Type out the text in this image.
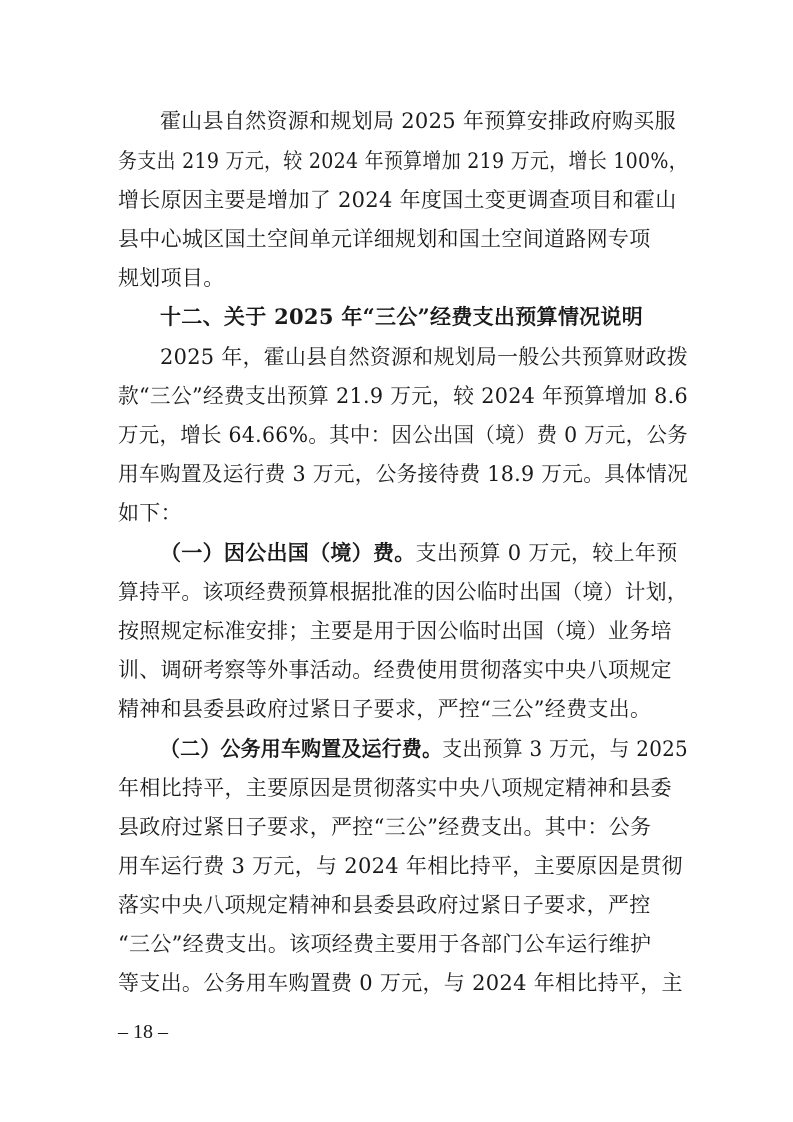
霍山县自然资源和规划局 2025 年预算安排政府购买服

务支出 219 万元，较 2024 年预算增加 219 万元，增长 100%，

增长原因主要是增加了 2024 年度国土变更调查项目和霍山

县中心城区国土空间单元详细规划和国土空间道路网专项

规划项目。

十二、关于 2025 年“三公”经费支出预算情况说明

2025 年，霍山县自然资源和规划局一般公共预算财政拨

款“三公”经费支出预算 21.9 万元，较 2024 年预算增加 8.6

万元，增长 64.66%。其中：因公出国（境）费 0 万元，公务

用车购置及运行费 3 万元，公务接待费 18.9 万元。具体情况

如下：

（一）因公出国（境）费。 支出预算 0 万元，较上年预

算持平。该项经费预算根据批准的因公临时出国（境）计划，

按照规定标准安排；主要是用于因公临时出国（境）业务培

训、调研考察等外事活动。经费使用贯彻落实中央八项规定

精神和县委县政府过紧日子要求，严控“三公”经费支出。

（二）公务用车购置及运行费。 支出预算 3 万元，与 2025

年相比持平，主要原因是贯彻落实中央八项规定精神和县委

县政府过紧日子要求，严控“三公”经费支出。其中：公务

用车运行费 3 万元，与 2024 年相比持平，主要原因是贯彻

落实中央八项规定精神和县委县政府过紧日子要求，严控

“三公”经费支出。该项经费主要用于各部门公车运行维护

等支出。公务用车购置费 0 万元，与 2024 年相比持平，主

– 18 –
